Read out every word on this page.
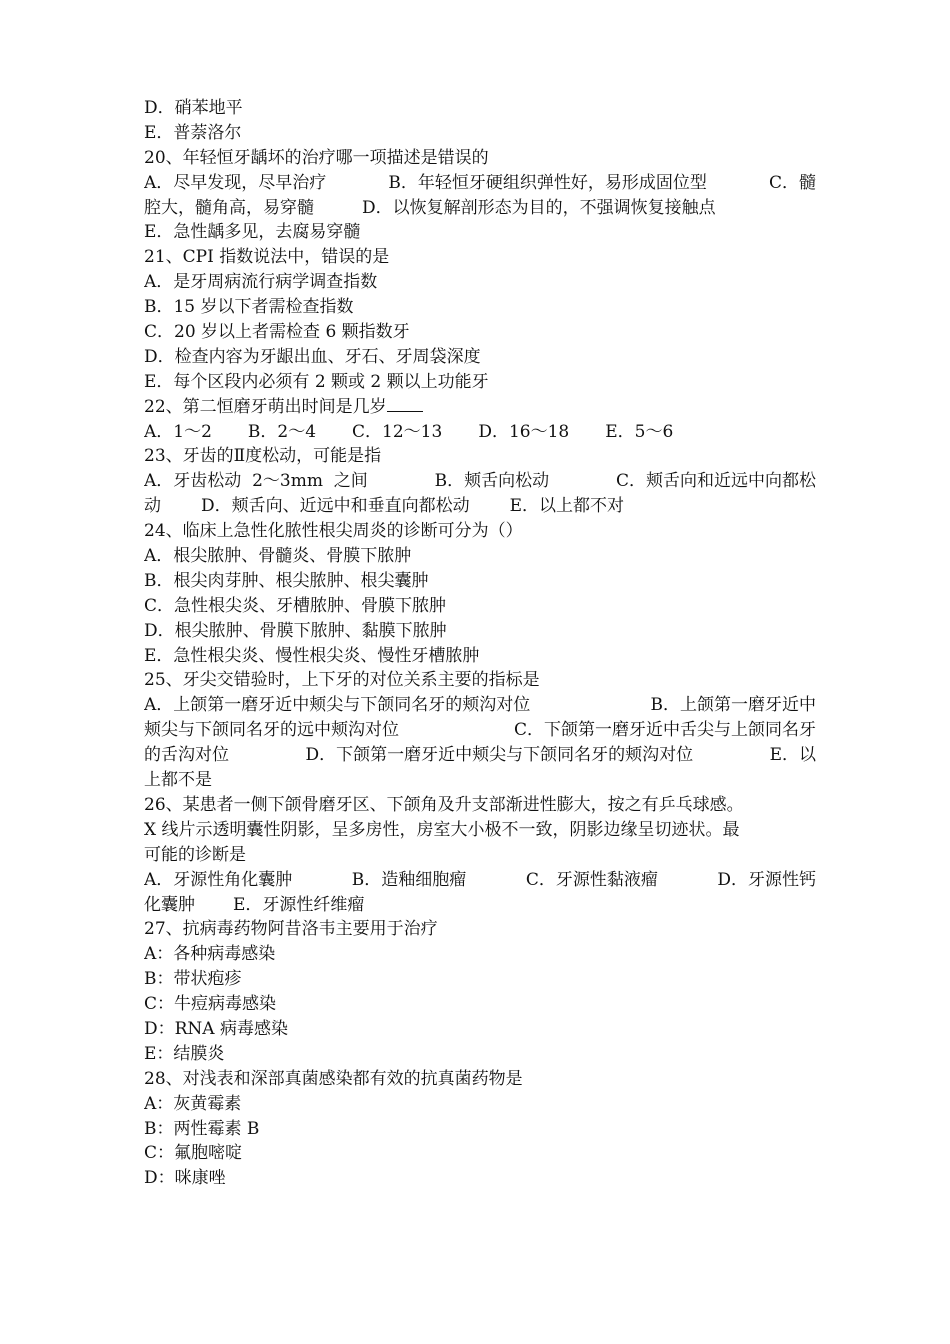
D．硝苯地平
E．普萘洛尔
20、年轻恒牙龋坏的治疗哪一项描述是错误的
A．尽早发现，尽早治疗	B．年轻恒牙硬组织弹性好，易形成固位型	C．髓
腔大，髓角高，易穿髓	D．以恢复解剖形态为目的，不强调恢复接触点
E．急性龋多见，去腐易穿髓
21、CPI 指数说法中，错误的是
A．是牙周病流行病学调查指数
B．15 岁以下者需检查指数
C．20 岁以上者需检查 6 颗指数牙
D．检查内容为牙龈出血、牙石、牙周袋深度
E．每个区段内必须有 2 颗或 2 颗以上功能牙
22、第二恒磨牙萌出时间是几岁
A．1～2 B．2～4 C．12～13 D．16～18 E．5～6
23、牙齿的Ⅱ度松动，可能是指
A．牙齿松动  2～3mm  之间	B．颊舌向松动	C．颊舌向和近远中向都松
动 D．颊舌向、近远中和垂直向都松动 E．以上都不对
24、临床上急性化脓性根尖周炎的诊断可分为（）
A．根尖脓肿、骨髓炎、骨膜下脓肿
B．根尖肉芽肿、根尖脓肿、根尖囊肿
C．急性根尖炎、牙槽脓肿、骨膜下脓肿
D．根尖脓肿、骨膜下脓肿、黏膜下脓肿
E．急性根尖炎、慢性根尖炎、慢性牙槽脓肿
25、牙尖交错验时，上下牙的对位关系主要的指标是
A．上颌第一磨牙近中颊尖与下颌同名牙的颊沟对位	B．上颌第一磨牙近中
颊尖与下颌同名牙的远中颊沟对位	C．下颌第一磨牙近中舌尖与上颌同名牙
的舌沟对位	D．下颌第一磨牙近中颊尖与下颌同名牙的颊沟对位	E．以
上都不是
26、某患者一侧下颌骨磨牙区、下颌角及升支部渐进性膨大，按之有乒乓球感。
X 线片示透明囊性阴影，呈多房性，房室大小极不一致，阴影边缘呈切迹状。最
可能的诊断是
A．牙源性角化囊肿	B．造釉细胞瘤	C．牙源性黏液瘤	D．牙源性钙
化囊肿 E．牙源性纤维瘤
27、抗病毒药物阿昔洛韦主要用于治疗
A：各种病毒感染
B：带状疱疹
C：牛痘病毒感染
D：RNA 病毒感染
E：结膜炎
28、对浅表和深部真菌感染都有效的抗真菌药物是
A：灰黄霉素
B：两性霉素 B
C：氟胞嘧啶
D：咪康唑
